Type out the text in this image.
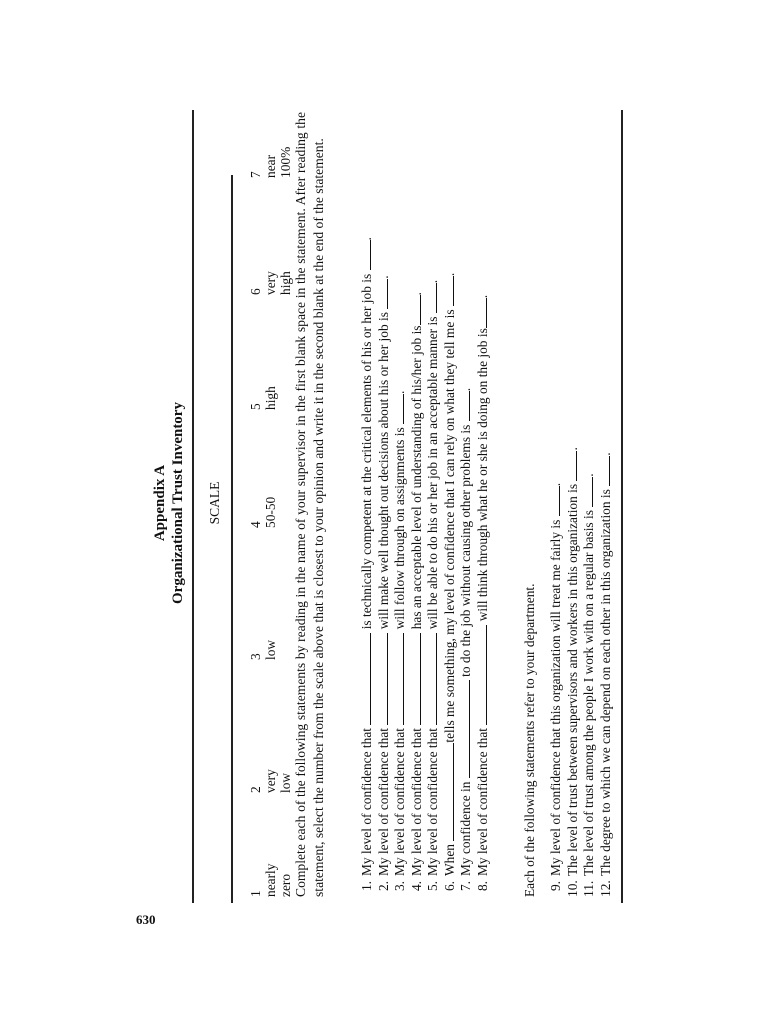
630
Appendix A Organizational Trust Inventory SCALE
1 nearly zero
2 very low
3 low
4 50-50
5 high
6 very high
7 near 100% Complete each of the following statements by reading in the name of your supervisor in the first blank space in the statement. After reading the statement, select the number from the scale above that is closest to your opinion and write it in the second blank at the end of the statement. 1.My level of confidence that  is technically competent at the critical elements of his or her job is .
2.My level of confidence that  will make well thought out decisions about his or her job is .
3.My level of confidence that  will follow through on assignments is .
4.My level of confidence that  has an acceptable level of understanding of his/her job is.
5.My level of confidence that  will be able to do his or her job in an acceptable manner is .
6.When tells me something, my level of confidence that I can rely on what they tell me is .
7.My confidence in  to do the job without causing other problems is .
8.My level of confidence that  will think through what he or she is doing on the job is.
Each of the following statements refer to your department. 9.My level of confidence that this organization will treat me fairly is .
10.The level of trust between supervisors and workers in this organization is .
11.The level of trust among the people I work with on a regular basis is .
12.The degree to which we can depend on each other in this organization is .
